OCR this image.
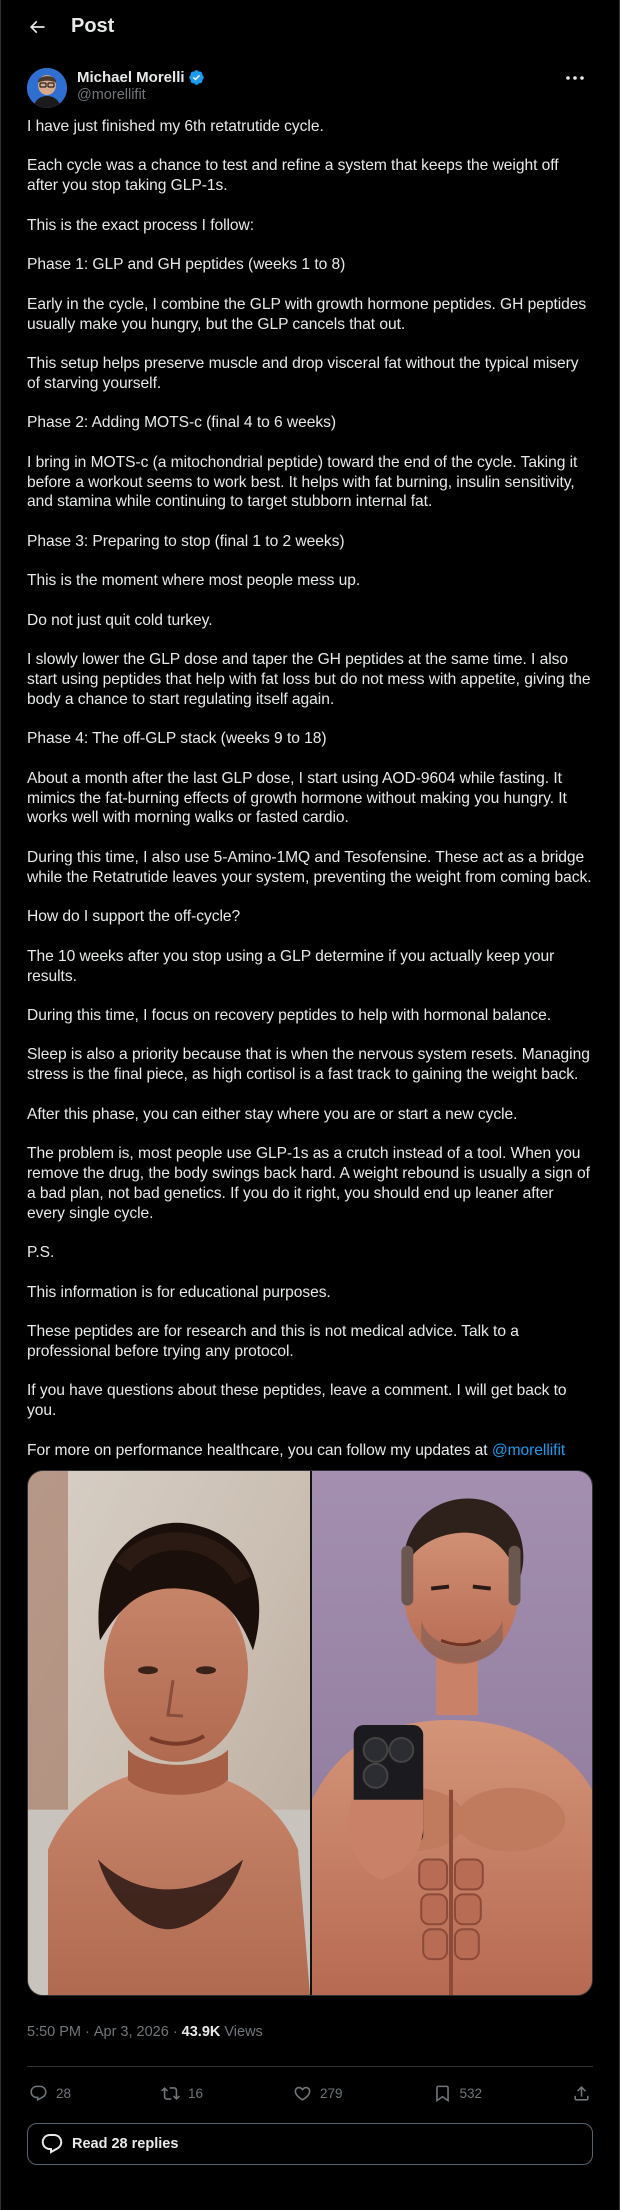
Post
Michael Morelli
@morellifit

I have just finished my 6th retatrutide cycle.

Each cycle was a chance to test and refine a system that keeps the weight off after you stop taking GLP-1s.

This is the exact process I follow:

Phase 1: GLP and GH peptides (weeks 1 to 8)

Early in the cycle, I combine the GLP with growth hormone peptides. GH peptides usually make you hungry, but the GLP cancels that out.

This setup helps preserve muscle and drop visceral fat without the typical misery of starving yourself.

Phase 2: Adding MOTS-c (final 4 to 6 weeks)

I bring in MOTS-c (a mitochondrial peptide) toward the end of the cycle. Taking it before a workout seems to work best. It helps with fat burning, insulin sensitivity, and stamina while continuing to target stubborn internal fat.

Phase 3: Preparing to stop (final 1 to 2 weeks)

This is the moment where most people mess up.

Do not just quit cold turkey.

I slowly lower the GLP dose and taper the GH peptides at the same time. I also start using peptides that help with fat loss but do not mess with appetite, giving the body a chance to start regulating itself again.

Phase 4: The off-GLP stack (weeks 9 to 18)

About a month after the last GLP dose, I start using AOD-9604 while fasting. It mimics the fat-burning effects of growth hormone without making you hungry. It works well with morning walks or fasted cardio.

During this time, I also use 5-Amino-1MQ and Tesofensine. These act as a bridge while the Retatrutide leaves your system, preventing the weight from coming back.

How do I support the off-cycle?

The 10 weeks after you stop using a GLP determine if you actually keep your results.

During this time, I focus on recovery peptides to help with hormonal balance.

Sleep is also a priority because that is when the nervous system resets. Managing stress is the final piece, as high cortisol is a fast track to gaining the weight back.

After this phase, you can either stay where you are or start a new cycle.

The problem is, most people use GLP-1s as a crutch instead of a tool. When you remove the drug, the body swings back hard. A weight rebound is usually a sign of a bad plan, not bad genetics. If you do it right, you should end up leaner after every single cycle.

P.S.

This information is for educational purposes.

These peptides are for research and this is not medical advice. Talk to a professional before trying any protocol.

If you have questions about these peptides, leave a comment. I will get back to you.

For more on performance healthcare, you can follow my updates at @morellifit

5:50 PM · Apr 3, 2026 · 43.9K Views
28	16	279	532
Read 28 replies
